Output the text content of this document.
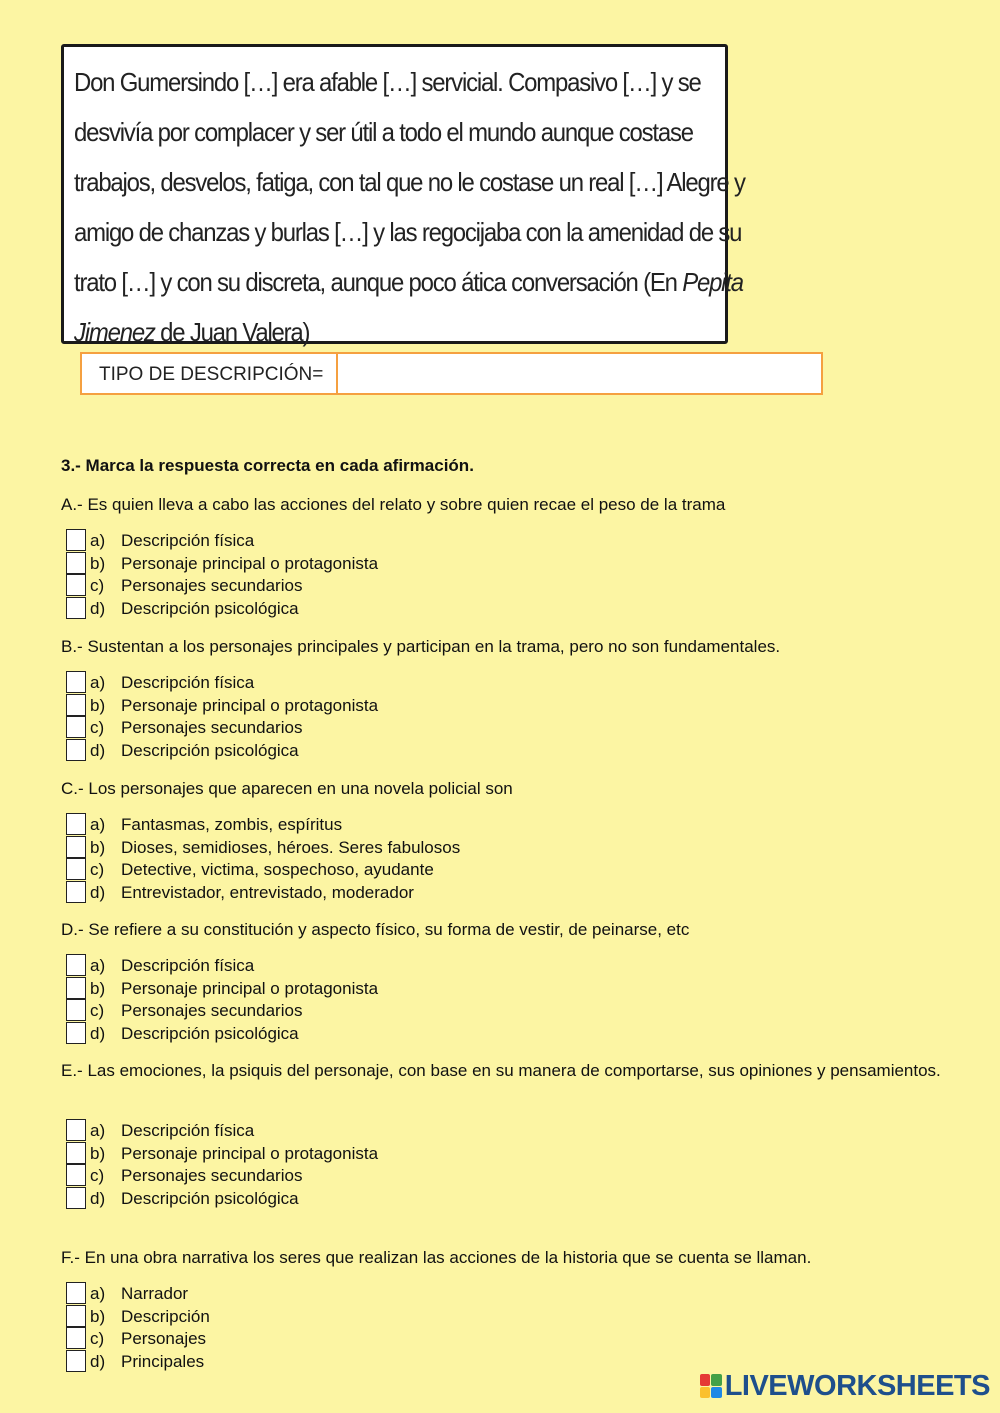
Don Gumersindo […] era afable […] servicial. Compasivo […] y se
desvivía por complacer y ser útil a todo el mundo aunque costase
trabajos, desvelos, fatiga, con tal que no le costase un real […] Alegre y
amigo de chanzas y burlas […] y las regocijaba con la amenidad de su
trato […] y con su discreta, aunque poco ática conversación (En Pepita
Jimenez de Juan Valera)
TIPO DE DESCRIPCIÓN=
3.- Marca la respuesta correcta en cada afirmación.
A.- Es quien lleva a cabo las acciones del relato y sobre quien recae el peso de la trama
a) Descripción física
b) Personaje principal o protagonista
c) Personajes secundarios
d) Descripción psicológica
B.- Sustentan a los personajes principales y participan en la trama, pero no son fundamentales.
a) Descripción física
b) Personaje principal o protagonista
c) Personajes secundarios
d) Descripción psicológica
C.- Los personajes que aparecen en una novela policial son
a) Fantasmas, zombis, espíritus
b) Dioses, semidioses, héroes. Seres fabulosos
c) Detective, victima, sospechoso, ayudante
d) Entrevistador, entrevistado, moderador
D.- Se refiere a su constitución y aspecto físico, su forma de vestir, de peinarse, etc
a) Descripción física
b) Personaje principal o protagonista
c) Personajes secundarios
d) Descripción psicológica
E.- Las emociones, la psiquis del personaje, con base en su manera de comportarse, sus opiniones y pensamientos.
a) Descripción física
b) Personaje principal o protagonista
c) Personajes secundarios
d) Descripción psicológica
F.- En una obra narrativa los seres que realizan las acciones de la historia que se cuenta se llaman.
a) Narrador
b) Descripción
c) Personajes
d) Principales
LIVEWORKSHEETS
